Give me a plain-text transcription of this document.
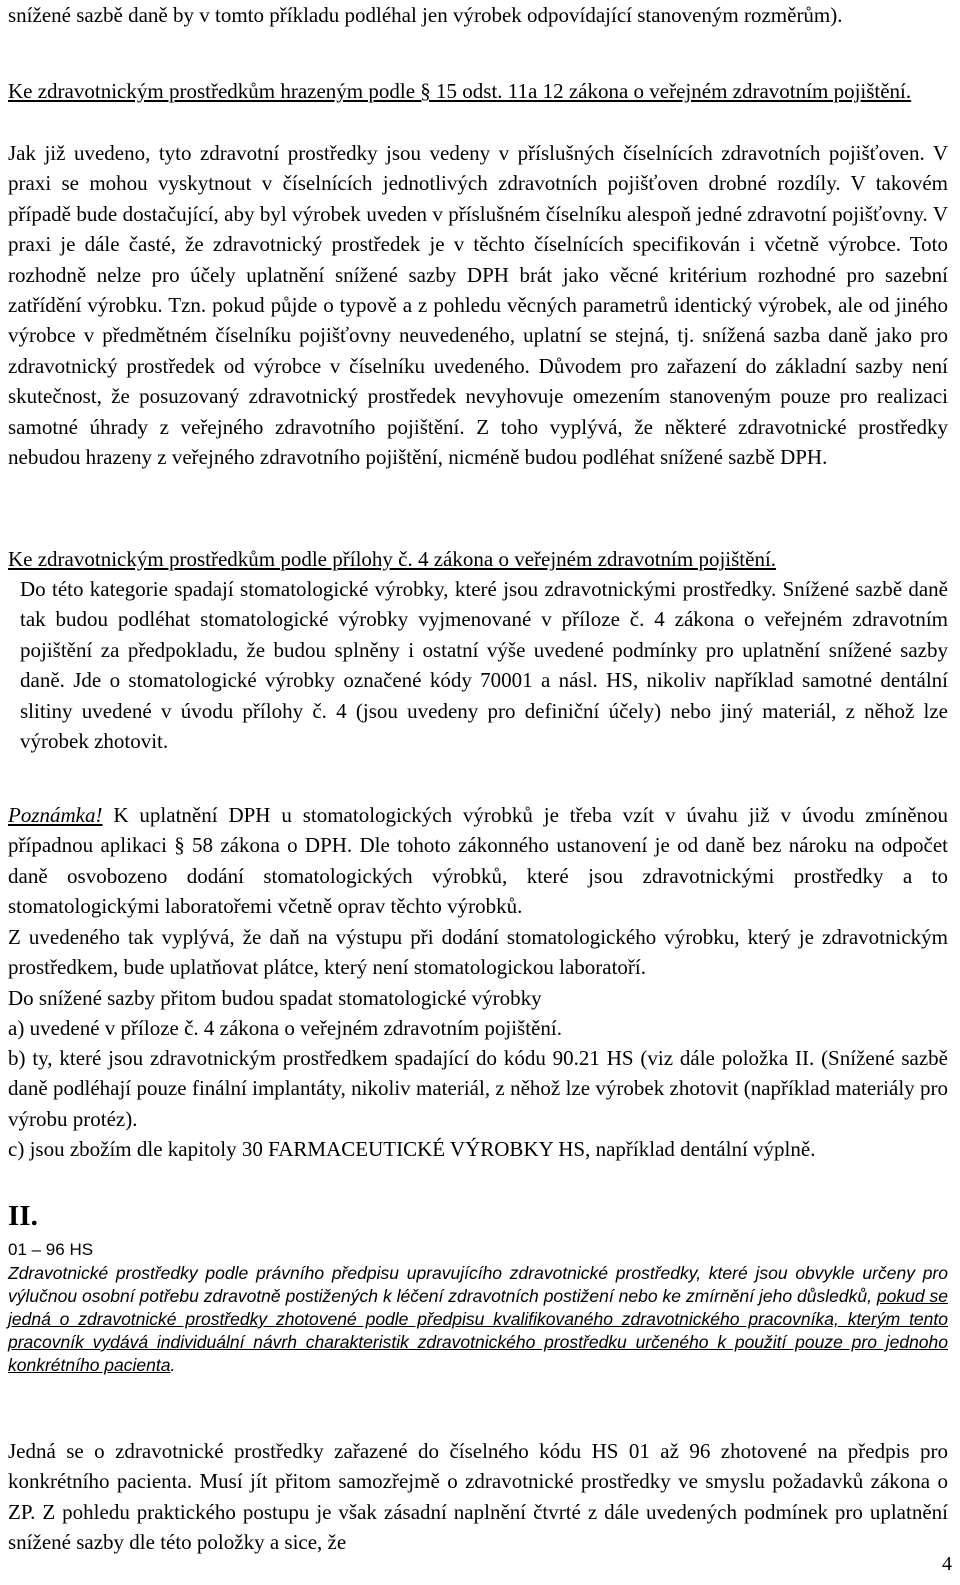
snížené sazbě daně by v tomto příkladu podléhal jen výrobek odpovídající stanoveným rozměrům).
Ke zdravotnickým prostředkům hrazeným podle § 15 odst. 11a 12 zákona o veřejném zdravotním pojištění.
Jak již uvedeno, tyto zdravotní prostředky jsou vedeny v příslušných číselnících zdravotních pojišťoven. V praxi se mohou vyskytnout v číselnících jednotlivých zdravotních pojišťoven drobné rozdíly. V takovém případě bude dostačující, aby byl výrobek uveden v příslušném číselníku alespoň jedné zdravotní pojišťovny. V praxi je dále časté, že zdravotnický prostředek je v těchto číselnících specifikován i včetně výrobce. Toto rozhodně nelze pro účely uplatnění snížené sazby DPH brát jako věcné kritérium rozhodné pro sazební zatřídění výrobku. Tzn. pokud půjde o typově a z pohledu věcných parametrů identický výrobek, ale od jiného výrobce v předmětném číselníku pojišťovny neuvedeného, uplatní se stejná, tj. snížená sazba daně jako pro zdravotnický prostředek od výrobce v číselníku uvedeného. Důvodem pro zařazení do základní sazby není skutečnost, že posuzovaný zdravotnický prostředek nevyhovuje omezením stanoveným pouze pro realizaci samotné úhrady z veřejného zdravotního pojištění. Z toho vyplývá, že některé zdravotnické prostředky nebudou hrazeny z veřejného zdravotního pojištění, nicméně budou podléhat snížené sazbě DPH.
Ke zdravotnickým prostředkům podle přílohy č. 4 zákona o veřejném zdravotním pojištění.
Do této kategorie spadají stomatologické výrobky, které jsou zdravotnickými prostředky. Snížené sazbě daně tak budou podléhat stomatologické výrobky vyjmenované v příloze č. 4 zákona o veřejném zdravotním pojištění za předpokladu, že budou splněny i ostatní výše uvedené podmínky pro uplatnění snížené sazby daně. Jde o stomatologické výrobky označené kódy 70001 a násl. HS, nikoliv například samotné dentální slitiny uvedené v úvodu přílohy č. 4 (jsou uvedeny pro definiční účely) nebo jiný materiál, z něhož lze výrobek zhotovit.
Poznámka! K uplatnění DPH u stomatologických výrobků je třeba vzít v úvahu již v úvodu zmíněnou případnou aplikaci § 58 zákona o DPH. Dle tohoto zákonného ustanovení je od daně bez nároku na odpočet daně osvobozeno dodání stomatologických výrobků, které jsou zdravotnickými prostředky a to stomatologickými laboratořemi včetně oprav těchto výrobků.
Z uvedeného tak vyplývá, že daň na výstupu při dodání stomatologického výrobku, který je zdravotnickým prostředkem, bude uplatňovat plátce, který není stomatologickou laboratoří.
Do snížené sazby přitom budou spadat stomatologické výrobky
a) uvedené v příloze č. 4 zákona o veřejném zdravotním pojištění.
b) ty, které jsou zdravotnickým prostředkem spadající do kódu 90.21 HS (viz dále položka II. (Snížené sazbě daně podléhají pouze finální implantáty, nikoliv materiál, z něhož lze výrobek zhotovit (například materiály pro výrobu protéz).
c) jsou zbožím dle kapitoly 30 FARMACEUTICKÉ VÝROBKY HS, například dentální výplně.
II.
01 – 96 HS
Zdravotnické prostředky podle právního předpisu upravujícího zdravotnické prostředky, které jsou obvykle určeny pro výlučnou osobní potřebu zdravotně postižených k léčení zdravotních postižení nebo ke zmírnění jeho důsledků, pokud se jedná o zdravotnické prostředky zhotovené podle předpisu kvalifikovaného zdravotnického pracovníka, kterým tento pracovník vydává individuální návrh charakteristik zdravotnického prostředku určeného k použití pouze pro jednoho konkrétního pacienta.
Jedná se o zdravotnické prostředky zařazené do číselného kódu HS 01 až 96 zhotovené na předpis pro konkrétního pacienta. Musí jít přitom samozřejmě o zdravotnické prostředky ve smyslu požadavků zákona o ZP. Z pohledu praktického postupu je však zásadní naplnění čtvrté z dále uvedených podmínek pro uplatnění snížené sazby dle této položky a sice, že
4
